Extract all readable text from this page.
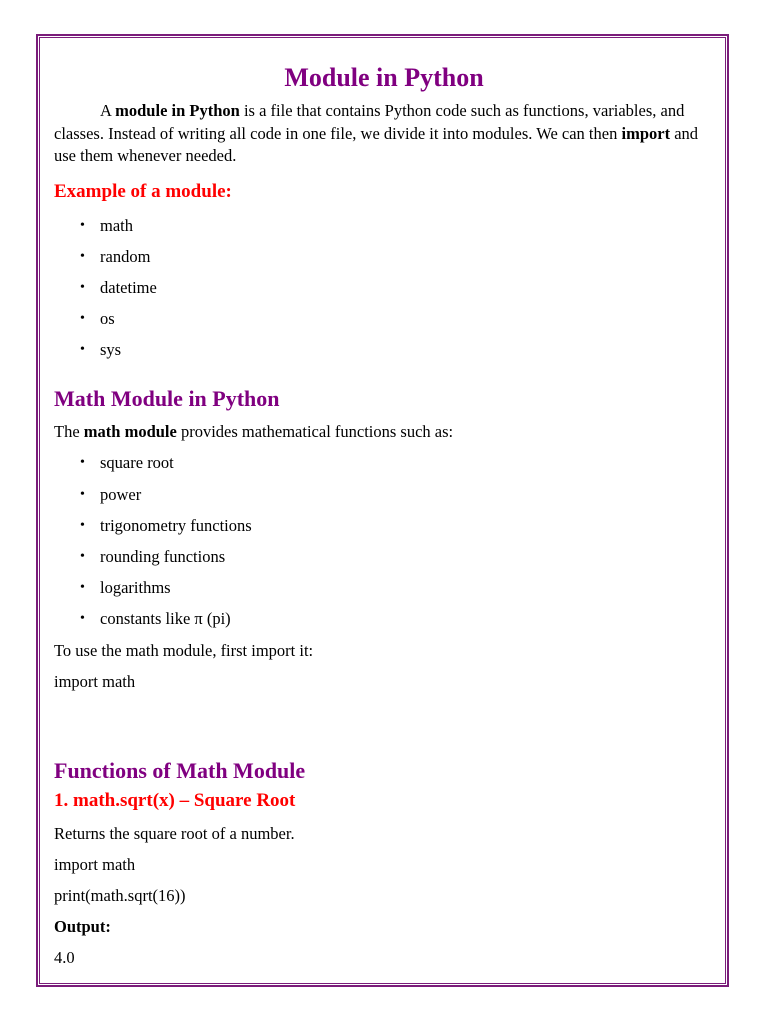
Module in Python

A module in Python is a file that contains Python code such as functions, variables, and classes. Instead of writing all code in one file, we divide it into modules. We can then import and use them whenever needed.

Example of a module:
• math
• random
• datetime
• os
• sys
Math Module in Python

The math module provides mathematical functions such as:

• square root
• power
• trigonometry functions
• rounding functions
• logarithms
• constants like π (pi)

To use the math module, first import it:

import math

Functions of Math Module
1. math.sqrt(x) – Square Root

Returns the square root of a number.

import math

print(math.sqrt(16))

Output:

4.0
